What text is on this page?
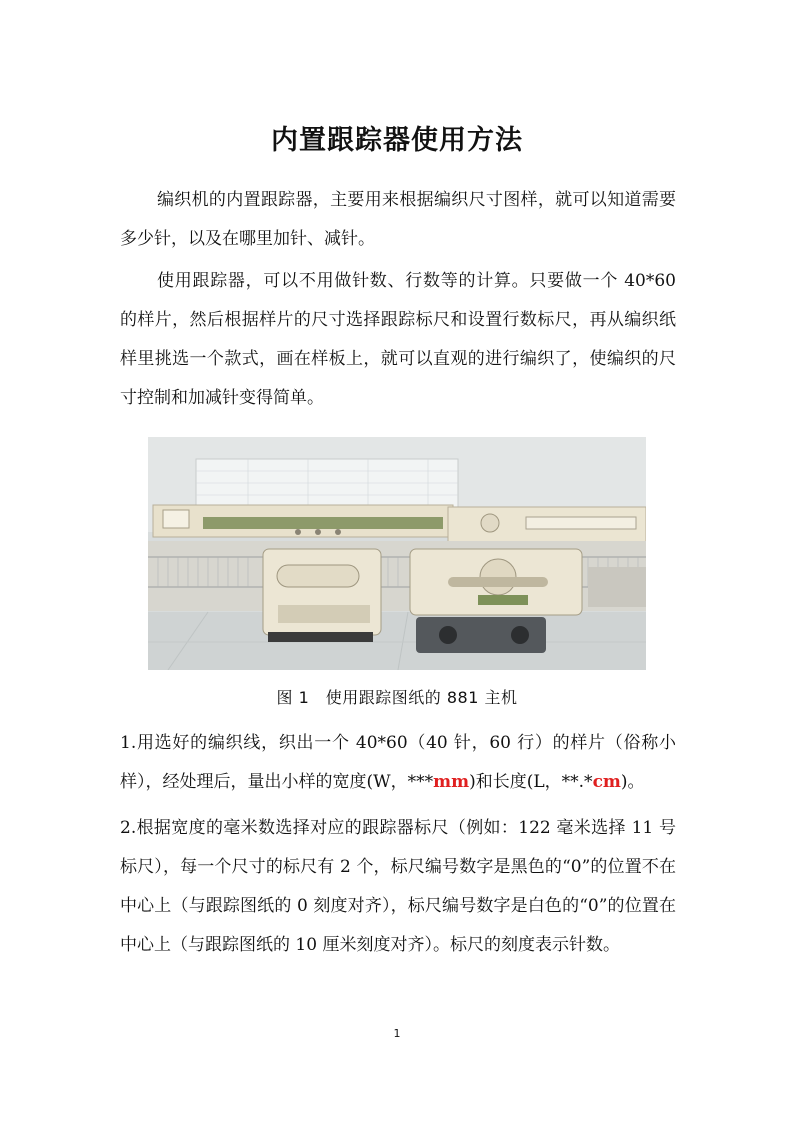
内置跟踪器使用方法

编织机的内置跟踪器，主要用来根据编织尺寸图样，就可以知道需要多少针，以及在哪里加针、减针。

使用跟踪器，可以不用做针数、行数等的计算。只要做一个 40*60 的样片，然后根据样片的尺寸选择跟踪标尺和设置行数标尺，再从编织纸样里挑选一个款式，画在样板上，就可以直观的进行编织了，使编织的尺寸控制和加减针变得简单。

图 1　使用跟踪图纸的 881 主机

1.用选好的编织线，织出一个 40*60（40 针，60 行）的样片（俗称小样），经处理后，量出小样的宽度(W，***mm)和长度(L，**.*cm)。

2.根据宽度的毫米数选择对应的跟踪器标尺（例如：122 毫米选择 11 号标尺），每一个尺寸的标尺有 2 个，标尺编号数字是黑色的“0”的位置不在中心上（与跟踪图纸的 0 刻度对齐），标尺编号数字是白色的“0”的位置在中心上（与跟踪图纸的 10 厘米刻度对齐）。标尺的刻度表示针数。

1
